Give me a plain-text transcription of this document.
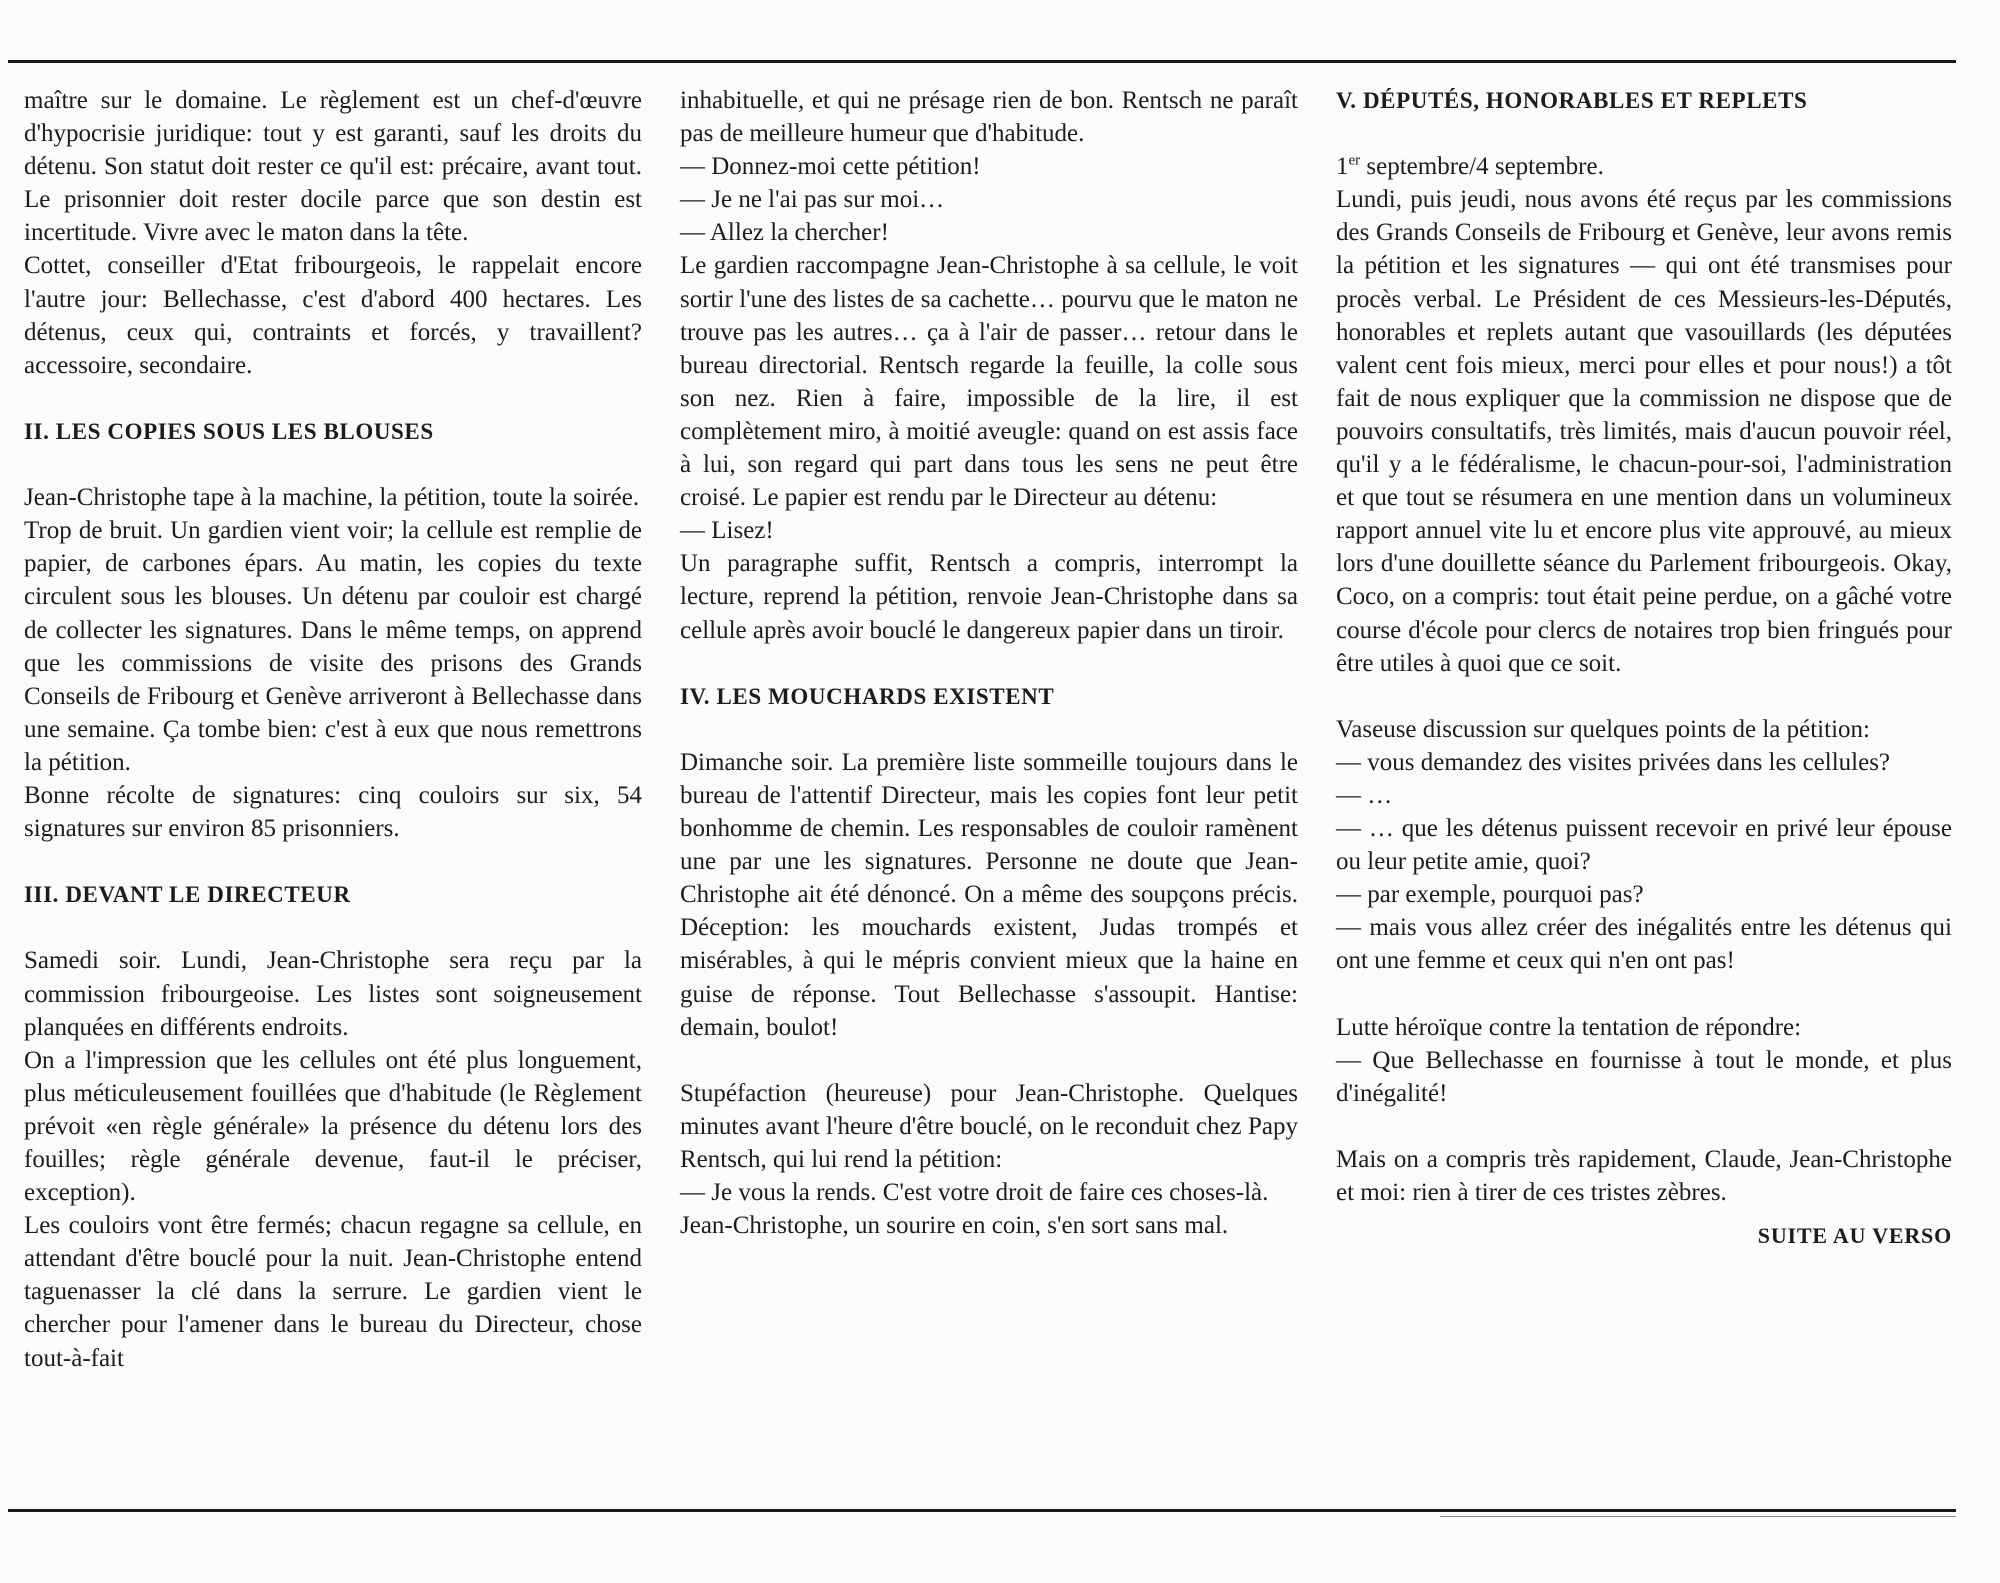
maître sur le domaine. Le règlement est un chef-d'œuvre d'hypocrisie juridique: tout y est garanti, sauf les droits du détenu. Son statut doit rester ce qu'il est: précaire, avant tout. Le prisonnier doit rester docile parce que son destin est incertitude. Vivre avec le maton dans la tête.

Cottet, conseiller d'Etat fribourgeois, le rappelait encore l'autre jour: Bellechasse, c'est d'abord 400 hectares. Les détenus, ceux qui, contraints et forcés, y travaillent? accessoire, secondaire.

II. LES COPIES SOUS LES BLOUSES

Jean-Christophe tape à la machine, la pétition, toute la soirée.

Trop de bruit. Un gardien vient voir; la cellule est remplie de papier, de carbones épars. Au matin, les copies du texte circulent sous les blouses. Un détenu par couloir est chargé de collecter les signatures. Dans le même temps, on apprend que les commissions de visite des prisons des Grands Conseils de Fribourg et Genève arriveront à Bellechasse dans une semaine. Ça tombe bien: c'est à eux que nous remettrons la pétition.

Bonne récolte de signatures: cinq couloirs sur six, 54 signatures sur environ 85 prisonniers.

III. DEVANT LE DIRECTEUR

Samedi soir. Lundi, Jean-Christophe sera reçu par la commission fribourgeoise. Les listes sont soigneusement planquées en différents endroits.

On a l'impression que les cellules ont été plus longuement, plus méticuleusement fouillées que d'habitude (le Règlement prévoit «en règle générale» la présence du détenu lors des fouilles; règle générale devenue, faut-il le préciser, exception).

Les couloirs vont être fermés; chacun regagne sa cellule, en attendant d'être bouclé pour la nuit. Jean-Christophe entend taguenasser la clé dans la serrure. Le gardien vient le chercher pour l'amener dans le bureau du Directeur, chose tout-à-fait

inhabituelle, et qui ne présage rien de bon. Rentsch ne paraît pas de meilleure humeur que d'habitude.

— Donnez-moi cette pétition!

— Je ne l'ai pas sur moi…

— Allez la chercher!

Le gardien raccompagne Jean-Christophe à sa cellule, le voit sortir l'une des listes de sa cachette… pourvu que le maton ne trouve pas les autres… ça à l'air de passer… retour dans le bureau directorial. Rentsch regarde la feuille, la colle sous son nez. Rien à faire, impossible de la lire, il est complètement miro, à moitié aveugle: quand on est assis face à lui, son regard qui part dans tous les sens ne peut être croisé. Le papier est rendu par le Directeur au détenu:

— Lisez!

Un paragraphe suffit, Rentsch a compris, interrompt la lecture, reprend la pétition, renvoie Jean-Christophe dans sa cellule après avoir bouclé le dangereux papier dans un tiroir.

IV. LES MOUCHARDS EXISTENT

Dimanche soir. La première liste sommeille toujours dans le bureau de l'attentif Directeur, mais les copies font leur petit bonhomme de chemin. Les responsables de couloir ramènent une par une les signatures. Personne ne doute que Jean-Christophe ait été dénoncé. On a même des soupçons précis. Déception: les mouchards existent, Judas trompés et misérables, à qui le mépris convient mieux que la haine en guise de réponse. Tout Bellechasse s'assoupit. Hantise: demain, boulot!

Stupéfaction (heureuse) pour Jean-Christophe. Quelques minutes avant l'heure d'être bouclé, on le reconduit chez Papy Rentsch, qui lui rend la pétition:

— Je vous la rends. C'est votre droit de faire ces choses-là.

Jean-Christophe, un sourire en coin, s'en sort sans mal.

V. DÉPUTÉS, HONORABLES ET REPLETS

1er septembre/4 septembre.

Lundi, puis jeudi, nous avons été reçus par les commissions des Grands Conseils de Fribourg et Genève, leur avons remis la pétition et les signatures — qui ont été transmises pour procès verbal. Le Président de ces Messieurs-les-Députés, honorables et replets autant que vasouillards (les députées valent cent fois mieux, merci pour elles et pour nous!) a tôt fait de nous expliquer que la commission ne dispose que de pouvoirs consultatifs, très limités, mais d'aucun pouvoir réel, qu'il y a le fédéralisme, le chacun-pour-soi, l'administration et que tout se résumera en une mention dans un volumineux rapport annuel vite lu et encore plus vite approuvé, au mieux lors d'une douillette séance du Parlement fribourgeois. Okay, Coco, on a compris: tout était peine perdue, on a gâché votre course d'école pour clercs de notaires trop bien fringués pour être utiles à quoi que ce soit.

Vaseuse discussion sur quelques points de la pétition:

— vous demandez des visites privées dans les cellules?

— …

— … que les détenus puissent recevoir en privé leur épouse ou leur petite amie, quoi?

— par exemple, pourquoi pas?

— mais vous allez créer des inégalités entre les détenus qui ont une femme et ceux qui n'en ont pas!

Lutte héroïque contre la tentation de répondre:

— Que Bellechasse en fournisse à tout le monde, et plus d'inégalité!

Mais on a compris très rapidement, Claude, Jean-Christophe et moi: rien à tirer de ces tristes zèbres.

SUITE AU VERSO
